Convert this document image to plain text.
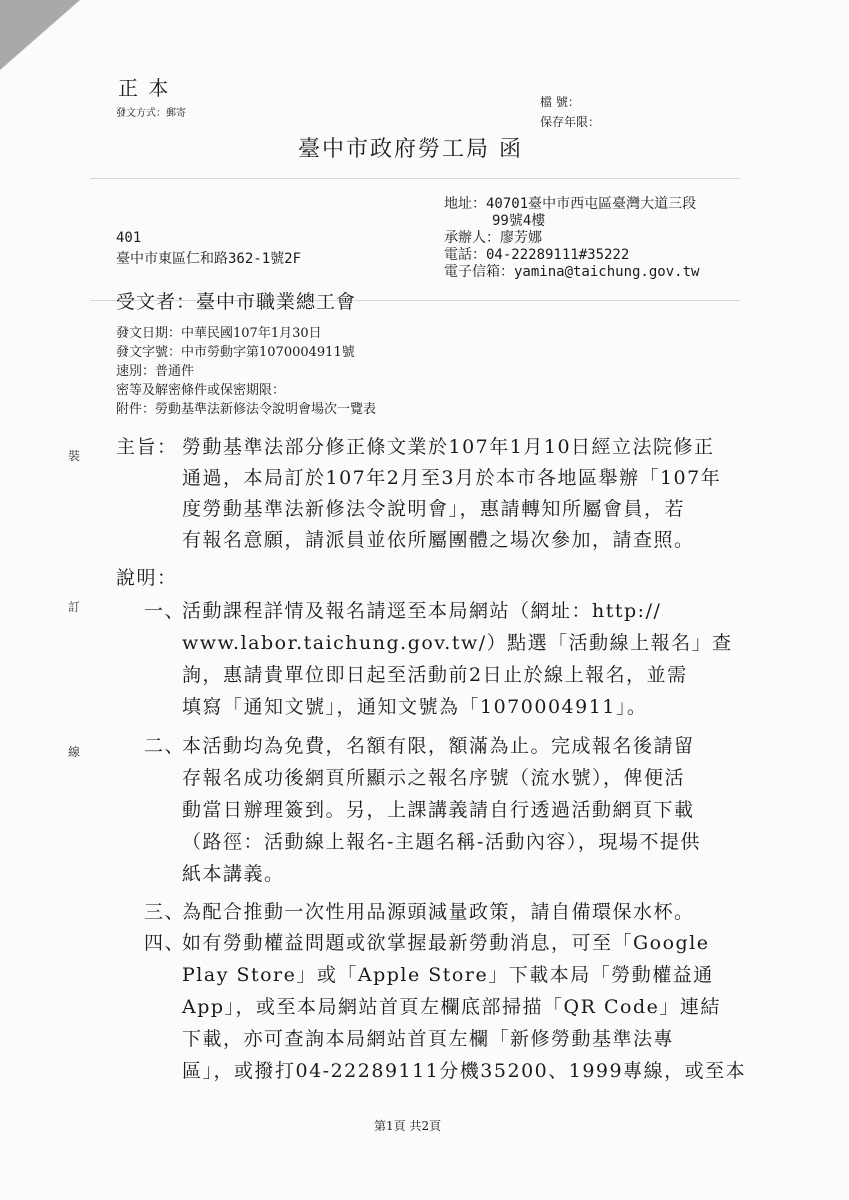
正 本
發文方式：郵寄
檔 號：
保存年限：
臺中市政府勞工局 函
地址：40701臺中市西屯區臺灣大道三段
99號4樓
承辦人：廖芳娜
電話：04-22289111#35222
電子信箱：yamina@taichung.gov.tw
401
臺中市東區仁和路362-1號2F
受文者：臺中市職業總工會
發文日期：中華民國107年1月30日
發文字號：中市勞動字第1070004911號
速別：普通件
密等及解密條件或保密期限：
附件：勞動基準法新修法令說明會場次一覽表
裝
訂
線
主旨： 勞動基準法部分修正條文業於107年1月10日經立法院修正
通過，本局訂於107年2月至3月於本市各地區舉辦「107年
度勞動基準法新修法令說明會」，惠請轉知所屬會員，若
有報名意願，請派員並依所屬團體之場次參加，請查照。
說明：
一、
活動課程詳情及報名請逕至本局網站（網址：http://
www.labor.taichung.gov.tw/）點選「活動線上報名」查
詢，惠請貴單位即日起至活動前2日止於線上報名，並需
填寫「通知文號」，通知文號為「1070004911」。
二、
本活動均為免費，名額有限，額滿為止。完成報名後請留
存報名成功後網頁所顯示之報名序號（流水號），俾便活
動當日辦理簽到。另，上課講義請自行透過活動網頁下載
（路徑：活動線上報名-主題名稱-活動內容），現場不提供
紙本講義。
三、
為配合推動一次性用品源頭減量政策，請自備環保水杯。
四、
如有勞動權益問題或欲掌握最新勞動消息，可至「Google
Play Store」或「Apple Store」下載本局「勞動權益通
App」，或至本局網站首頁左欄底部掃描「QR Code」連結
下載，亦可查詢本局網站首頁左欄「新修勞動基準法專
區」，或撥打04-22289111分機35200、1999專線，或至本
第1頁 共2頁
